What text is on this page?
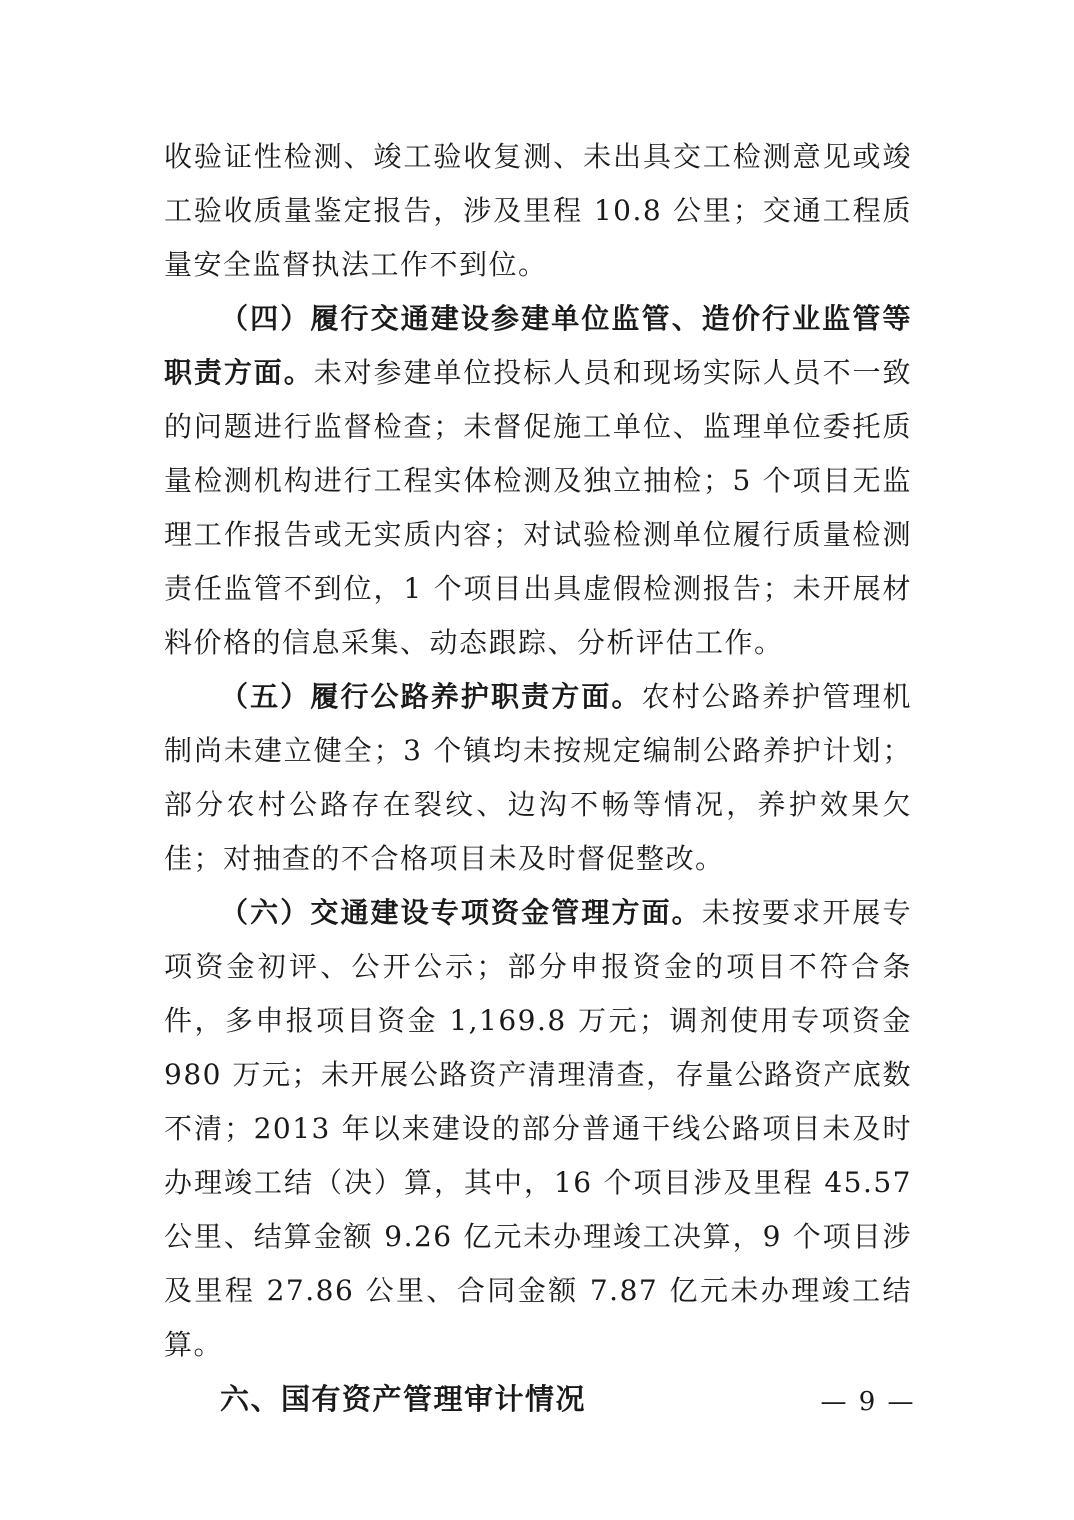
收验证性检测、竣工验收复测、未出具交工检测意见或竣工验收质量鉴定报告，涉及里程 10.8 公里；交通工程质量安全监督执法工作不到位。

（四）履行交通建设参建单位监管、造价行业监管等职责方面。未对参建单位投标人员和现场实际人员不一致的问题进行监督检查；未督促施工单位、监理单位委托质量检测机构进行工程实体检测及独立抽检；5 个项目无监理工作报告或无实质内容；对试验检测单位履行质量检测责任监管不到位，1 个项目出具虚假检测报告；未开展材料价格的信息采集、动态跟踪、分析评估工作。

（五）履行公路养护职责方面。农村公路养护管理机制尚未建立健全；3 个镇均未按规定编制公路养护计划；部分农村公路存在裂纹、边沟不畅等情况，养护效果欠佳；对抽查的不合格项目未及时督促整改。

（六）交通建设专项资金管理方面。未按要求开展专项资金初评、公开公示；部分申报资金的项目不符合条件，多申报项目资金 1,169.8 万元；调剂使用专项资金 980 万元；未开展公路资产清理清查，存量公路资产底数不清；2013 年以来建设的部分普通干线公路项目未及时办理竣工结（决）算，其中，16 个项目涉及里程 45.57 公里、结算金额 9.26 亿元未办理竣工决算，9 个项目涉及里程 27.86 公里、合同金额 7.87 亿元未办理竣工结算。

六、国有资产管理审计情况	— 9 —
